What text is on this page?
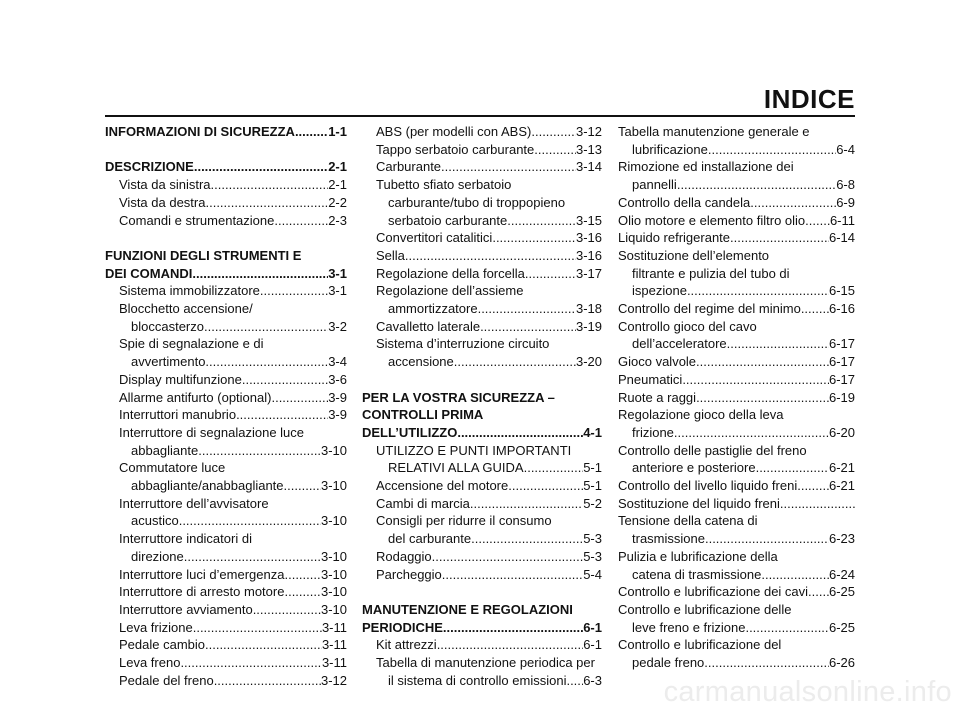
INDICE
INFORMAZIONI DI SICUREZZA .....	1-1
DESCRIZIONE .....	2-1
Vista da sinistra .....	2-1
Vista da destra .....	2-2
Comandi e strumentazione .....	2-3
FUNZIONI DEGLI STRUMENTI E
DEI COMANDI .....	3-1
Sistema immobilizzatore .....	3-1
Blocchetto accensione/
bloccasterzo .....	3-2
Spie di segnalazione e di
avvertimento .....	3-4
Display multifunzione .....	3-6
Allarme antifurto (optional) .....	3-9
Interruttori manubrio .....	3-9
Interruttore di segnalazione luce
abbagliante .....	3-10
Commutatore luce
abbagliante/anabbagliante .....	3-10
Interruttore dell’avvisatore
acustico .....	3-10
Interruttore indicatori di
direzione .....	3-10
Interruttore luci d’emergenza .....	3-10
Interruttore di arresto motore .....	3-10
Interruttore avviamento .....	3-10
Leva frizione .....	3-11
Pedale cambio .....	3-11
Leva freno .....	3-11
Pedale del freno .....	3-12
ABS (per modelli con ABS) .....	3-12
Tappo serbatoio carburante .....	3-13
Carburante .....	3-14
Tubetto sfiato serbatoio
carburante/tubo di troppopieno
serbatoio carburante .....	3-15
Convertitori catalitici .....	3-16
Sella .....	3-16
Regolazione della forcella .....	3-17
Regolazione dell’assieme
ammortizzatore .....	3-18
Cavalletto laterale .....	3-19
Sistema d’interruzione circuito
accensione .....	3-20
PER LA VOSTRA SICUREZZA –
CONTROLLI PRIMA
DELL’UTILIZZO .....	4-1
UTILIZZO E PUNTI IMPORTANTI
RELATIVI ALLA GUIDA .....	5-1
Accensione del motore .....	5-1
Cambi di marcia .....	5-2
Consigli per ridurre il consumo
del carburante .....	5-3
Rodaggio .....	5-3
Parcheggio .....	5-4
MANUTENZIONE E REGOLAZIONI
PERIODICHE .....	6-1
Kit attrezzi .....	6-1
Tabella di manutenzione periodica per
il sistema di controllo emissioni ..... 6-3
Tabella manutenzione generale e
lubrificazione .....	6-4
Rimozione ed installazione dei
pannelli .....	6-8
Controllo della candela .....	6-9
Olio motore e elemento filtro olio ..... 6-11
Liquido refrigerante .....	6-14
Sostituzione dell’elemento
filtrante e pulizia del tubo di
ispezione .....	6-15
Controllo del regime del minimo ..... 6-16
Controllo gioco del cavo
dell’acceleratore .....	6-17
Gioco valvole .....	6-17
Pneumatici .....	6-17
Ruote a raggi .....	6-19
Regolazione gioco della leva
frizione .....	6-20
Controllo delle pastiglie del freno
anteriore e posteriore .....	6-21
Controllo del livello liquido freni ..... 6-21
Sostituzione del liquido freni
.....
Tensione della catena di
trasmissione .....	6-23
Pulizia e lubrificazione della
catena di trasmissione .....	6-24
Controllo e lubrificazione dei cavi ..... 6-25
Controllo e lubrificazione delle
leve freno e frizione .....	6-25
Controllo e lubrificazione del
pedale freno .....	6-26
carmanualsonline.info
